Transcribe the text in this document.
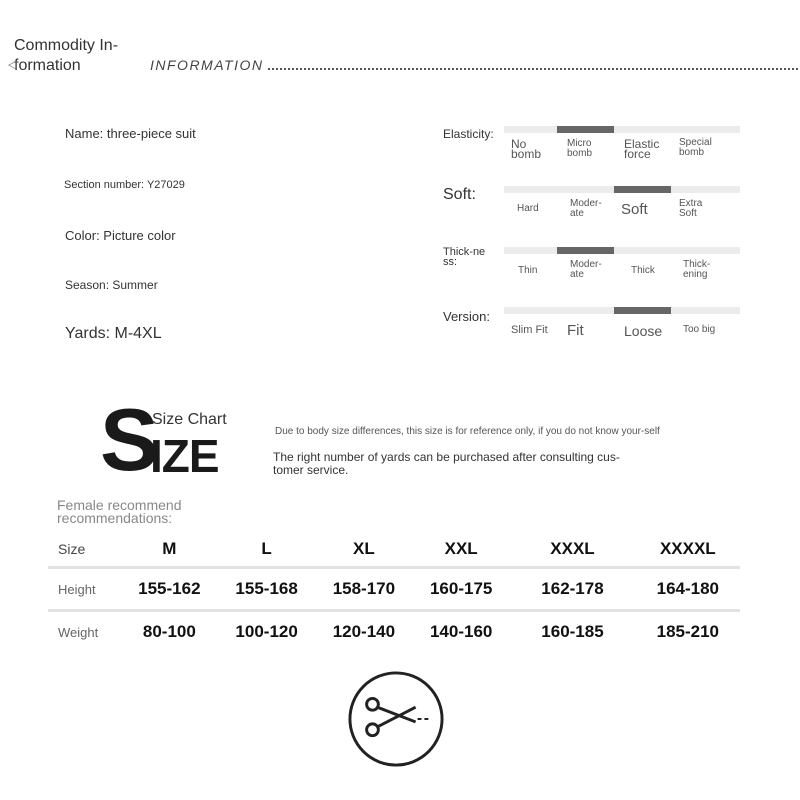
Commodity In-
formation
◁	INFORMATION
Name: three-piece suit
Section number: Y27029
Color: Picture color
Season: Summer
Yards: M-4XL
Elasticity:
No bomb
Micro bomb
Elastic force
Special bomb
Soft:
Hard	Moder-ate	Soft	Extra Soft
Thick-ness:
Thin
Moder-ate	Thick
Thick-ening
Version:
Slim Fit Fit	Loose Too big
S
IZE
Size Chart
Due to body size differences, this size is for reference only, if you do not know your-self
The right number of yards can be purchased after consulting cus-tomer service.
Female recommend recommendations:
Size	M	L	XL	XXL	XXXL	XXXXL
Height	155-162	155-168	158-170	160-175	162-178	164-180
Weight	80-100	100-120	120-140	140-160	160-185	185-210
